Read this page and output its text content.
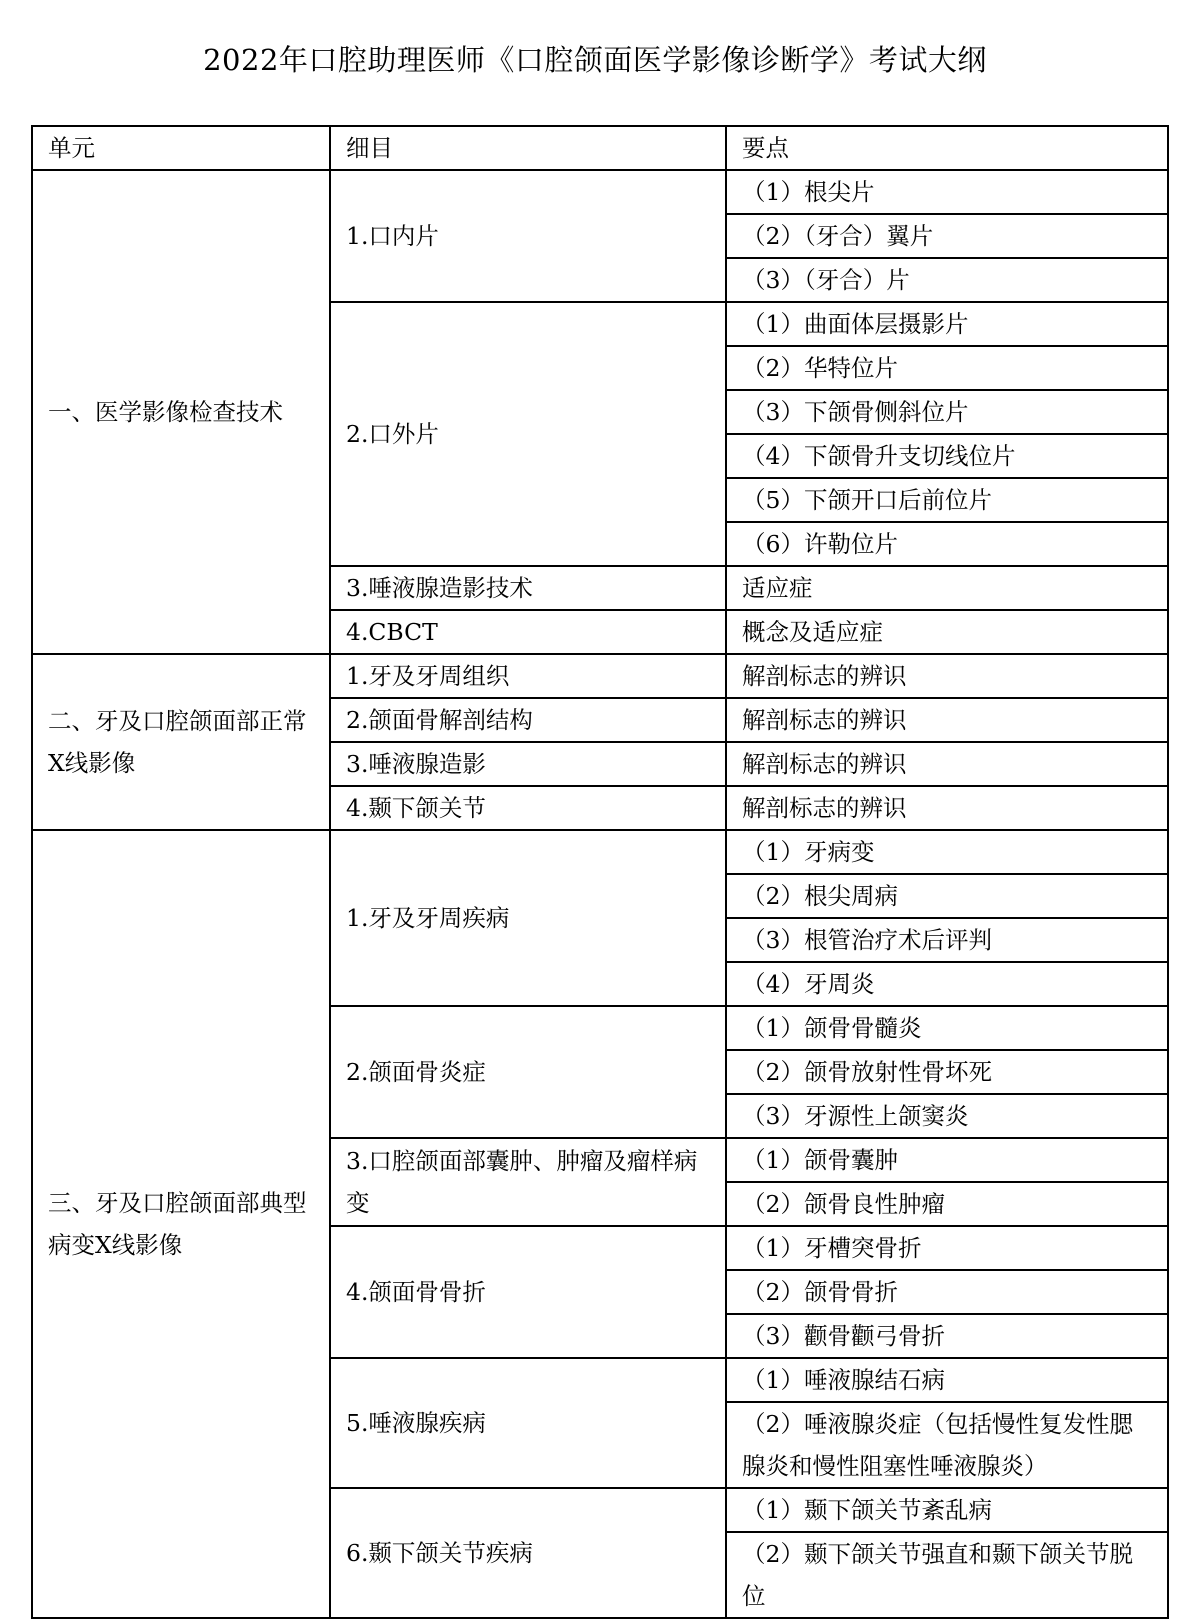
2022年口腔助理医师《口腔颌面医学影像诊断学》考试大纲
单元	细目	要点
一、医学影像检查技术	1.口内片	（1）根尖片
		（2）（牙合）翼片
		（3）（牙合）片
	2.口外片	（1）曲面体层摄影片
		（2）华特位片
		（3）下颌骨侧斜位片
		（4）下颌骨升支切线位片
		（5）下颌开口后前位片
		（6）许勒位片
	3.唾液腺造影技术	适应症
	4.CBCT	概念及适应症
二、牙及口腔颌面部正常X线影像	1.牙及牙周组织	解剖标志的辨识
	2.颌面骨解剖结构	解剖标志的辨识
	3.唾液腺造影	解剖标志的辨识
	4.颞下颌关节	解剖标志的辨识
三、牙及口腔颌面部典型病变X线影像	1.牙及牙周疾病	（1）牙病变
		（2）根尖周病
		（3）根管治疗术后评判
		（4）牙周炎
	2.颌面骨炎症	（1）颌骨骨髓炎
		（2）颌骨放射性骨坏死
		（3）牙源性上颌窦炎
	3.口腔颌面部囊肿、肿瘤及瘤样病变	（1）颌骨囊肿
		（2）颌骨良性肿瘤
	4.颌面骨骨折	（1）牙槽突骨折
		（2）颌骨骨折
		（3）颧骨颧弓骨折
	5.唾液腺疾病	（1）唾液腺结石病
		（2）唾液腺炎症（包括慢性复发性腮腺炎和慢性阻塞性唾液腺炎）
	6.颞下颌关节疾病	（1）颞下颌关节紊乱病
		（2）颞下颌关节强直和颞下颌关节脱位
